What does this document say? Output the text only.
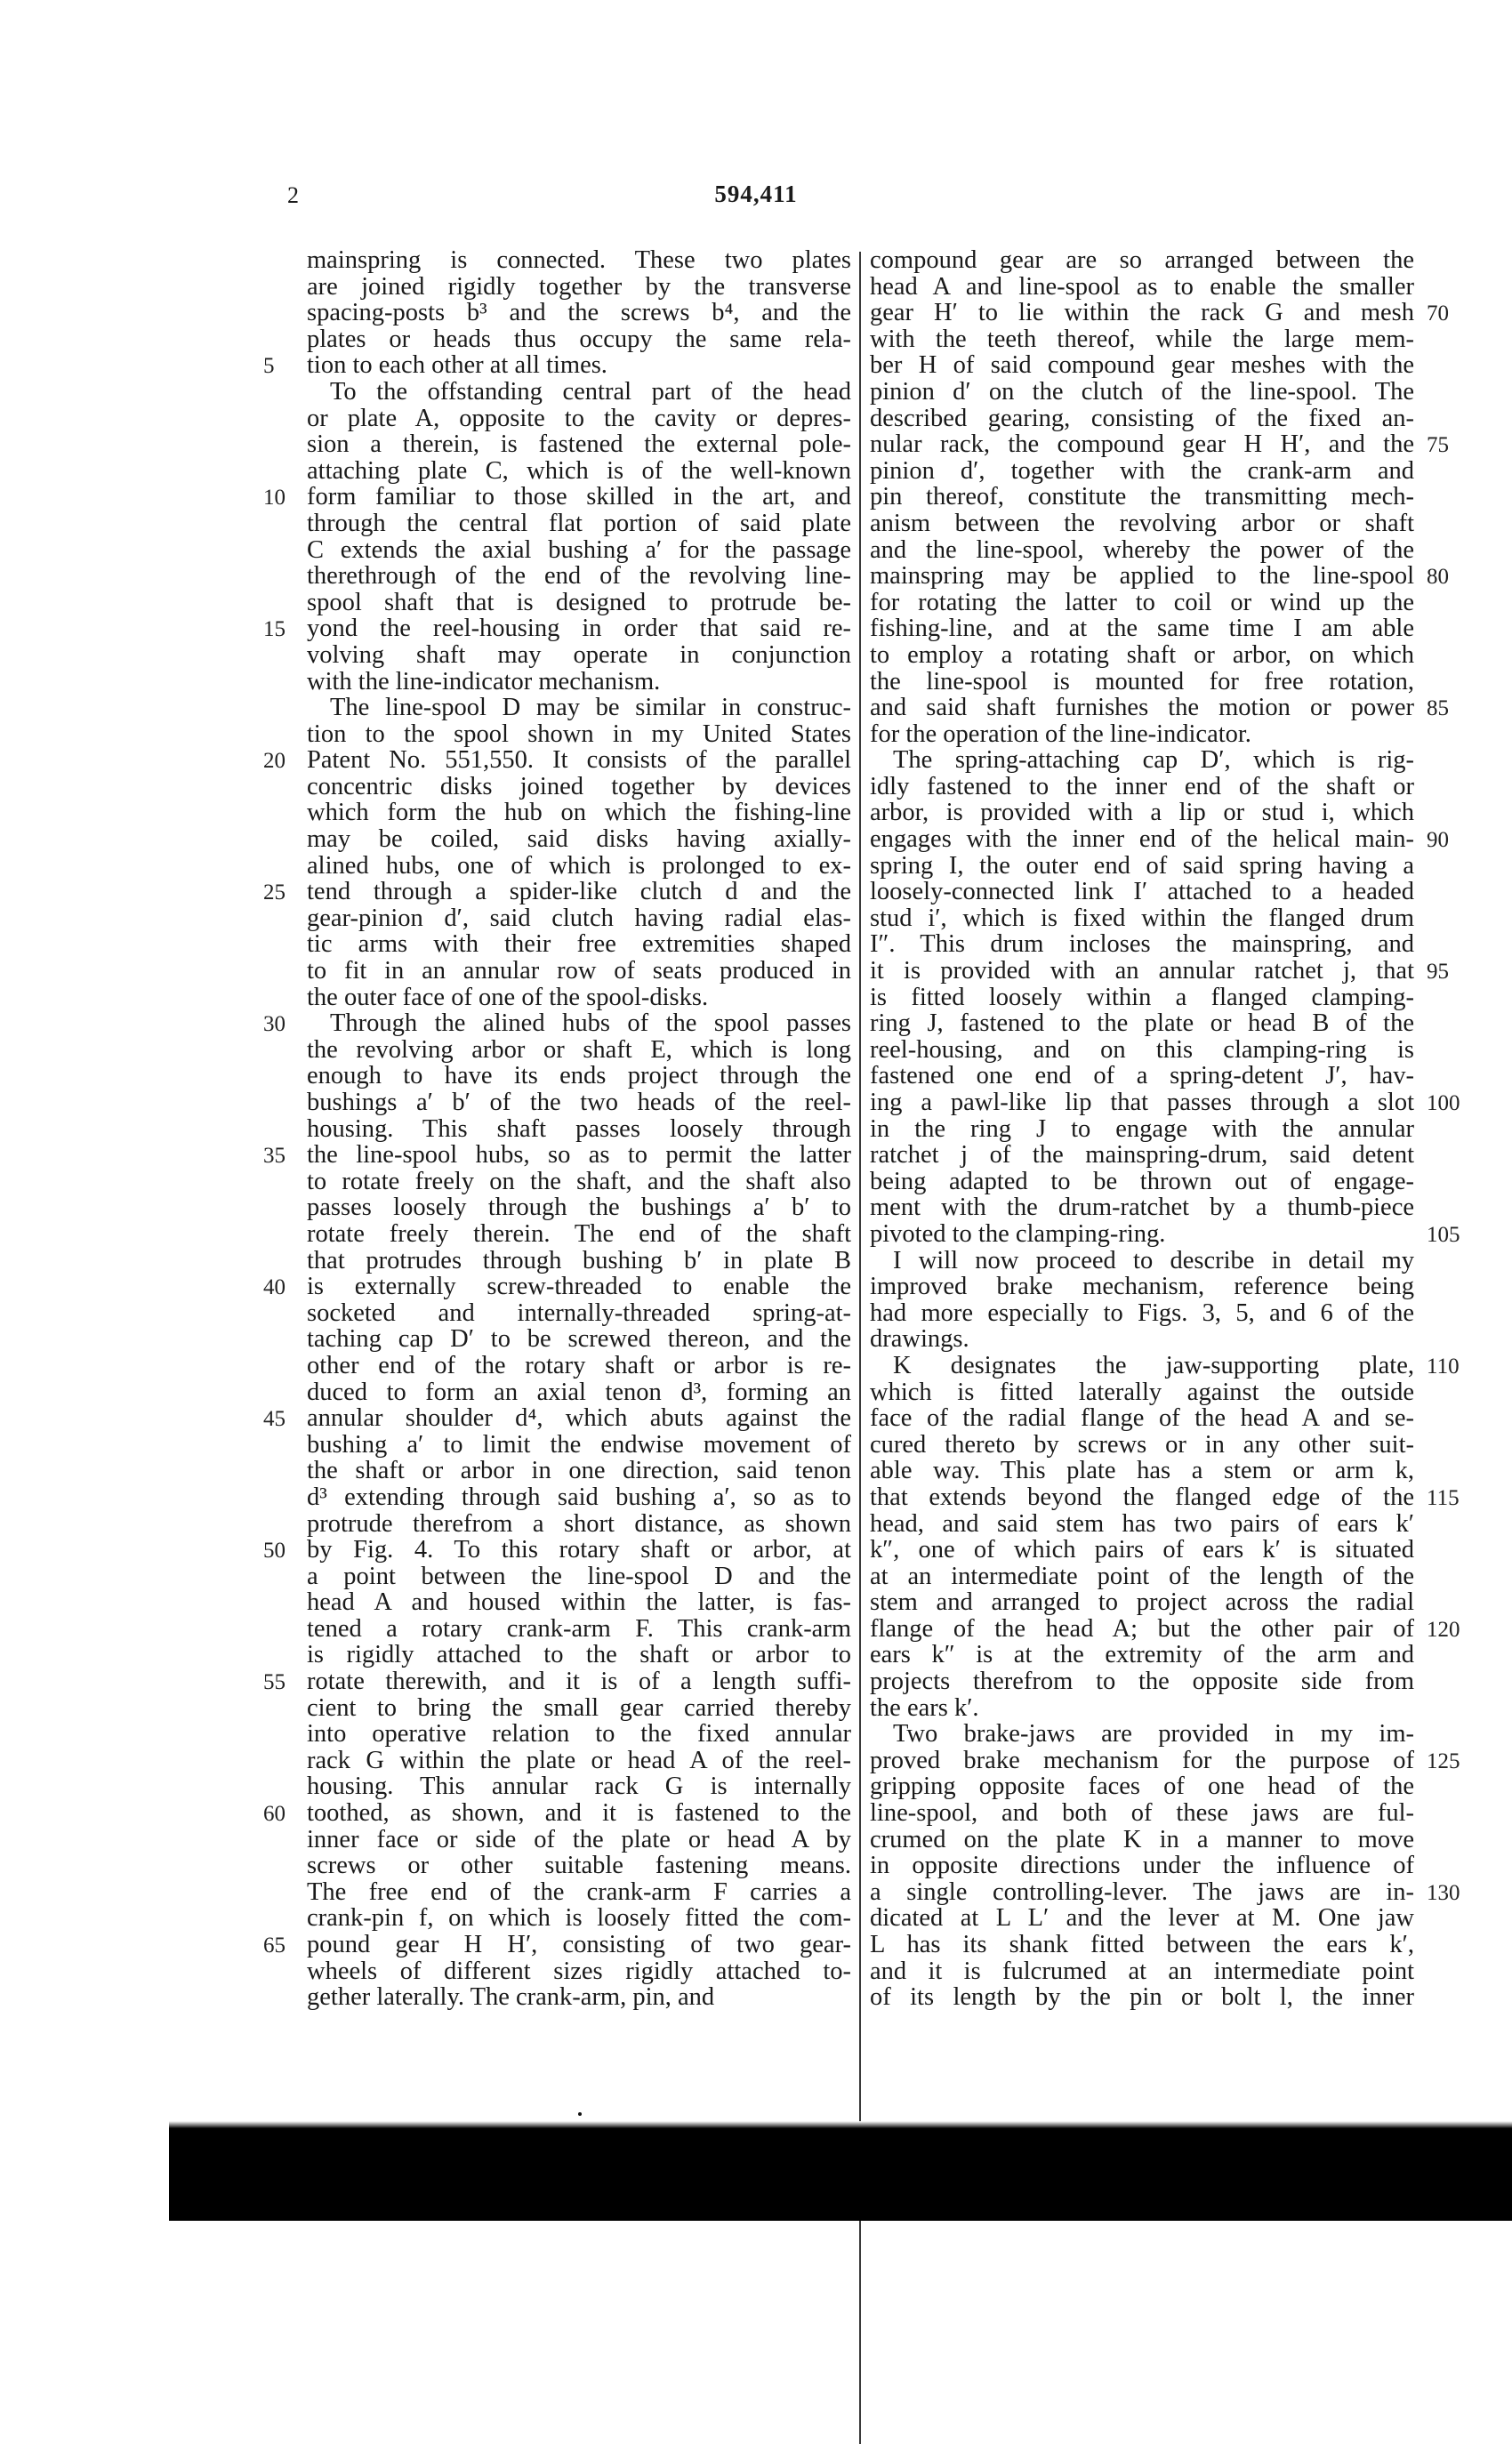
2	594,411
mainspring is connected. These two plates
are joined rigidly together by the transverse
spacing-posts b³ and the screws b⁴, and the
plates or heads thus occupy the same rela-
tion to each other at all times.
To the offstanding central part of the head
or plate A, opposite to the cavity or depres-
sion a therein, is fastened the external pole-
attaching plate C, which is of the well-known
form familiar to those skilled in the art, and
through the central flat portion of said plate
C extends the axial bushing a′ for the passage
therethrough of the end of the revolving line-
spool shaft that is designed to protrude be-
yond the reel-housing in order that said re-
volving shaft may operate in conjunction
with the line-indicator mechanism.
The line-spool D may be similar in construc-
tion to the spool shown in my United States
Patent No. 551,550. It consists of the parallel
concentric disks joined together by devices
which form the hub on which the fishing-line
may be coiled, said disks having axially-
alined hubs, one of which is prolonged to ex-
tend through a spider-like clutch d and the
gear-pinion d′, said clutch having radial elas-
tic arms with their free extremities shaped
to fit in an annular row of seats produced in
the outer face of one of the spool-disks.
Through the alined hubs of the spool passes
the revolving arbor or shaft E, which is long
enough to have its ends project through the
bushings a′ b′ of the two heads of the reel-
housing. This shaft passes loosely through
the line-spool hubs, so as to permit the latter
to rotate freely on the shaft, and the shaft also
passes loosely through the bushings a′ b′ to
rotate freely therein. The end of the shaft
that protrudes through bushing b′ in plate B
is externally screw-threaded to enable the
socketed and internally-threaded spring-at-
taching cap D′ to be screwed thereon, and the
other end of the rotary shaft or arbor is re-
duced to form an axial tenon d³, forming an
annular shoulder d⁴, which abuts against the
bushing a′ to limit the endwise movement of
the shaft or arbor in one direction, said tenon
d³ extending through said bushing a′, so as to
protrude therefrom a short distance, as shown
by Fig. 4. To this rotary shaft or arbor, at
a point between the line-spool D and the
head A and housed within the latter, is fas-
tened a rotary crank-arm F. This crank-arm
is rigidly attached to the shaft or arbor to
rotate therewith, and it is of a length suffi-
cient to bring the small gear carried thereby
into operative relation to the fixed annular
rack G within the plate or head A of the reel-
housing. This annular rack G is internally
toothed, as shown, and it is fastened to the
inner face or side of the plate or head A by
screws or other suitable fastening means.
The free end of the crank-arm F carries a
crank-pin f, on which is loosely fitted the com-
pound gear H H′, consisting of two gear-
wheels of different sizes rigidly attached to-
gether laterally. The crank-arm, pin, and
compound gear are so arranged between the
head A and line-spool as to enable the smaller
gear H′ to lie within the rack G and mesh
with the teeth thereof, while the large mem-
ber H of said compound gear meshes with the
pinion d′ on the clutch of the line-spool. The
described gearing, consisting of the fixed an-
nular rack, the compound gear H H′, and the
pinion d′, together with the crank-arm and
pin thereof, constitute the transmitting mech-
anism between the revolving arbor or shaft
and the line-spool, whereby the power of the
mainspring may be applied to the line-spool
for rotating the latter to coil or wind up the
fishing-line, and at the same time I am able
to employ a rotating shaft or arbor, on which
the line-spool is mounted for free rotation,
and said shaft furnishes the motion or power
for the operation of the line-indicator.
The spring-attaching cap D′, which is rig-
idly fastened to the inner end of the shaft or
arbor, is provided with a lip or stud i, which
engages with the inner end of the helical main-
spring I, the outer end of said spring having a
loosely-connected link I′ attached to a headed
stud i′, which is fixed within the flanged drum
I″. This drum incloses the mainspring, and
it is provided with an annular ratchet j, that
is fitted loosely within a flanged clamping-
ring J, fastened to the plate or head B of the
reel-housing, and on this clamping-ring is
fastened one end of a spring-detent J′, hav-
ing a pawl-like lip that passes through a slot
in the ring J to engage with the annular
ratchet j of the mainspring-drum, said detent
being adapted to be thrown out of engage-
ment with the drum-ratchet by a thumb-piece
pivoted to the clamping-ring.
I will now proceed to describe in detail my
improved brake mechanism, reference being
had more especially to Figs. 3, 5, and 6 of the
drawings.
K designates the jaw-supporting plate,
which is fitted laterally against the outside
face of the radial flange of the head A and se-
cured thereto by screws or in any other suit-
able way. This plate has a stem or arm k,
that extends beyond the flanged edge of the
head, and said stem has two pairs of ears k′
k″, one of which pairs of ears k′ is situated
at an intermediate point of the length of the
stem and arranged to project across the radial
flange of the head A; but the other pair of
ears k″ is at the extremity of the arm and
projects therefrom to the opposite side from
the ears k′.
Two brake-jaws are provided in my im-
proved brake mechanism for the purpose of
gripping opposite faces of one head of the
line-spool, and both of these jaws are ful-
crumed on the plate K in a manner to move
in opposite directions under the influence of
a single controlling-lever. The jaws are in-
dicated at L L′ and the lever at M. One jaw
L has its shank fitted between the ears k′,
and it is fulcrumed at an intermediate point
of its length by the pin or bolt l, the inner
5
10
15
20
25
30
35
40
45
50
55
60
65
70
75
80
85
90
95
100
105
110
115
120
125
130
